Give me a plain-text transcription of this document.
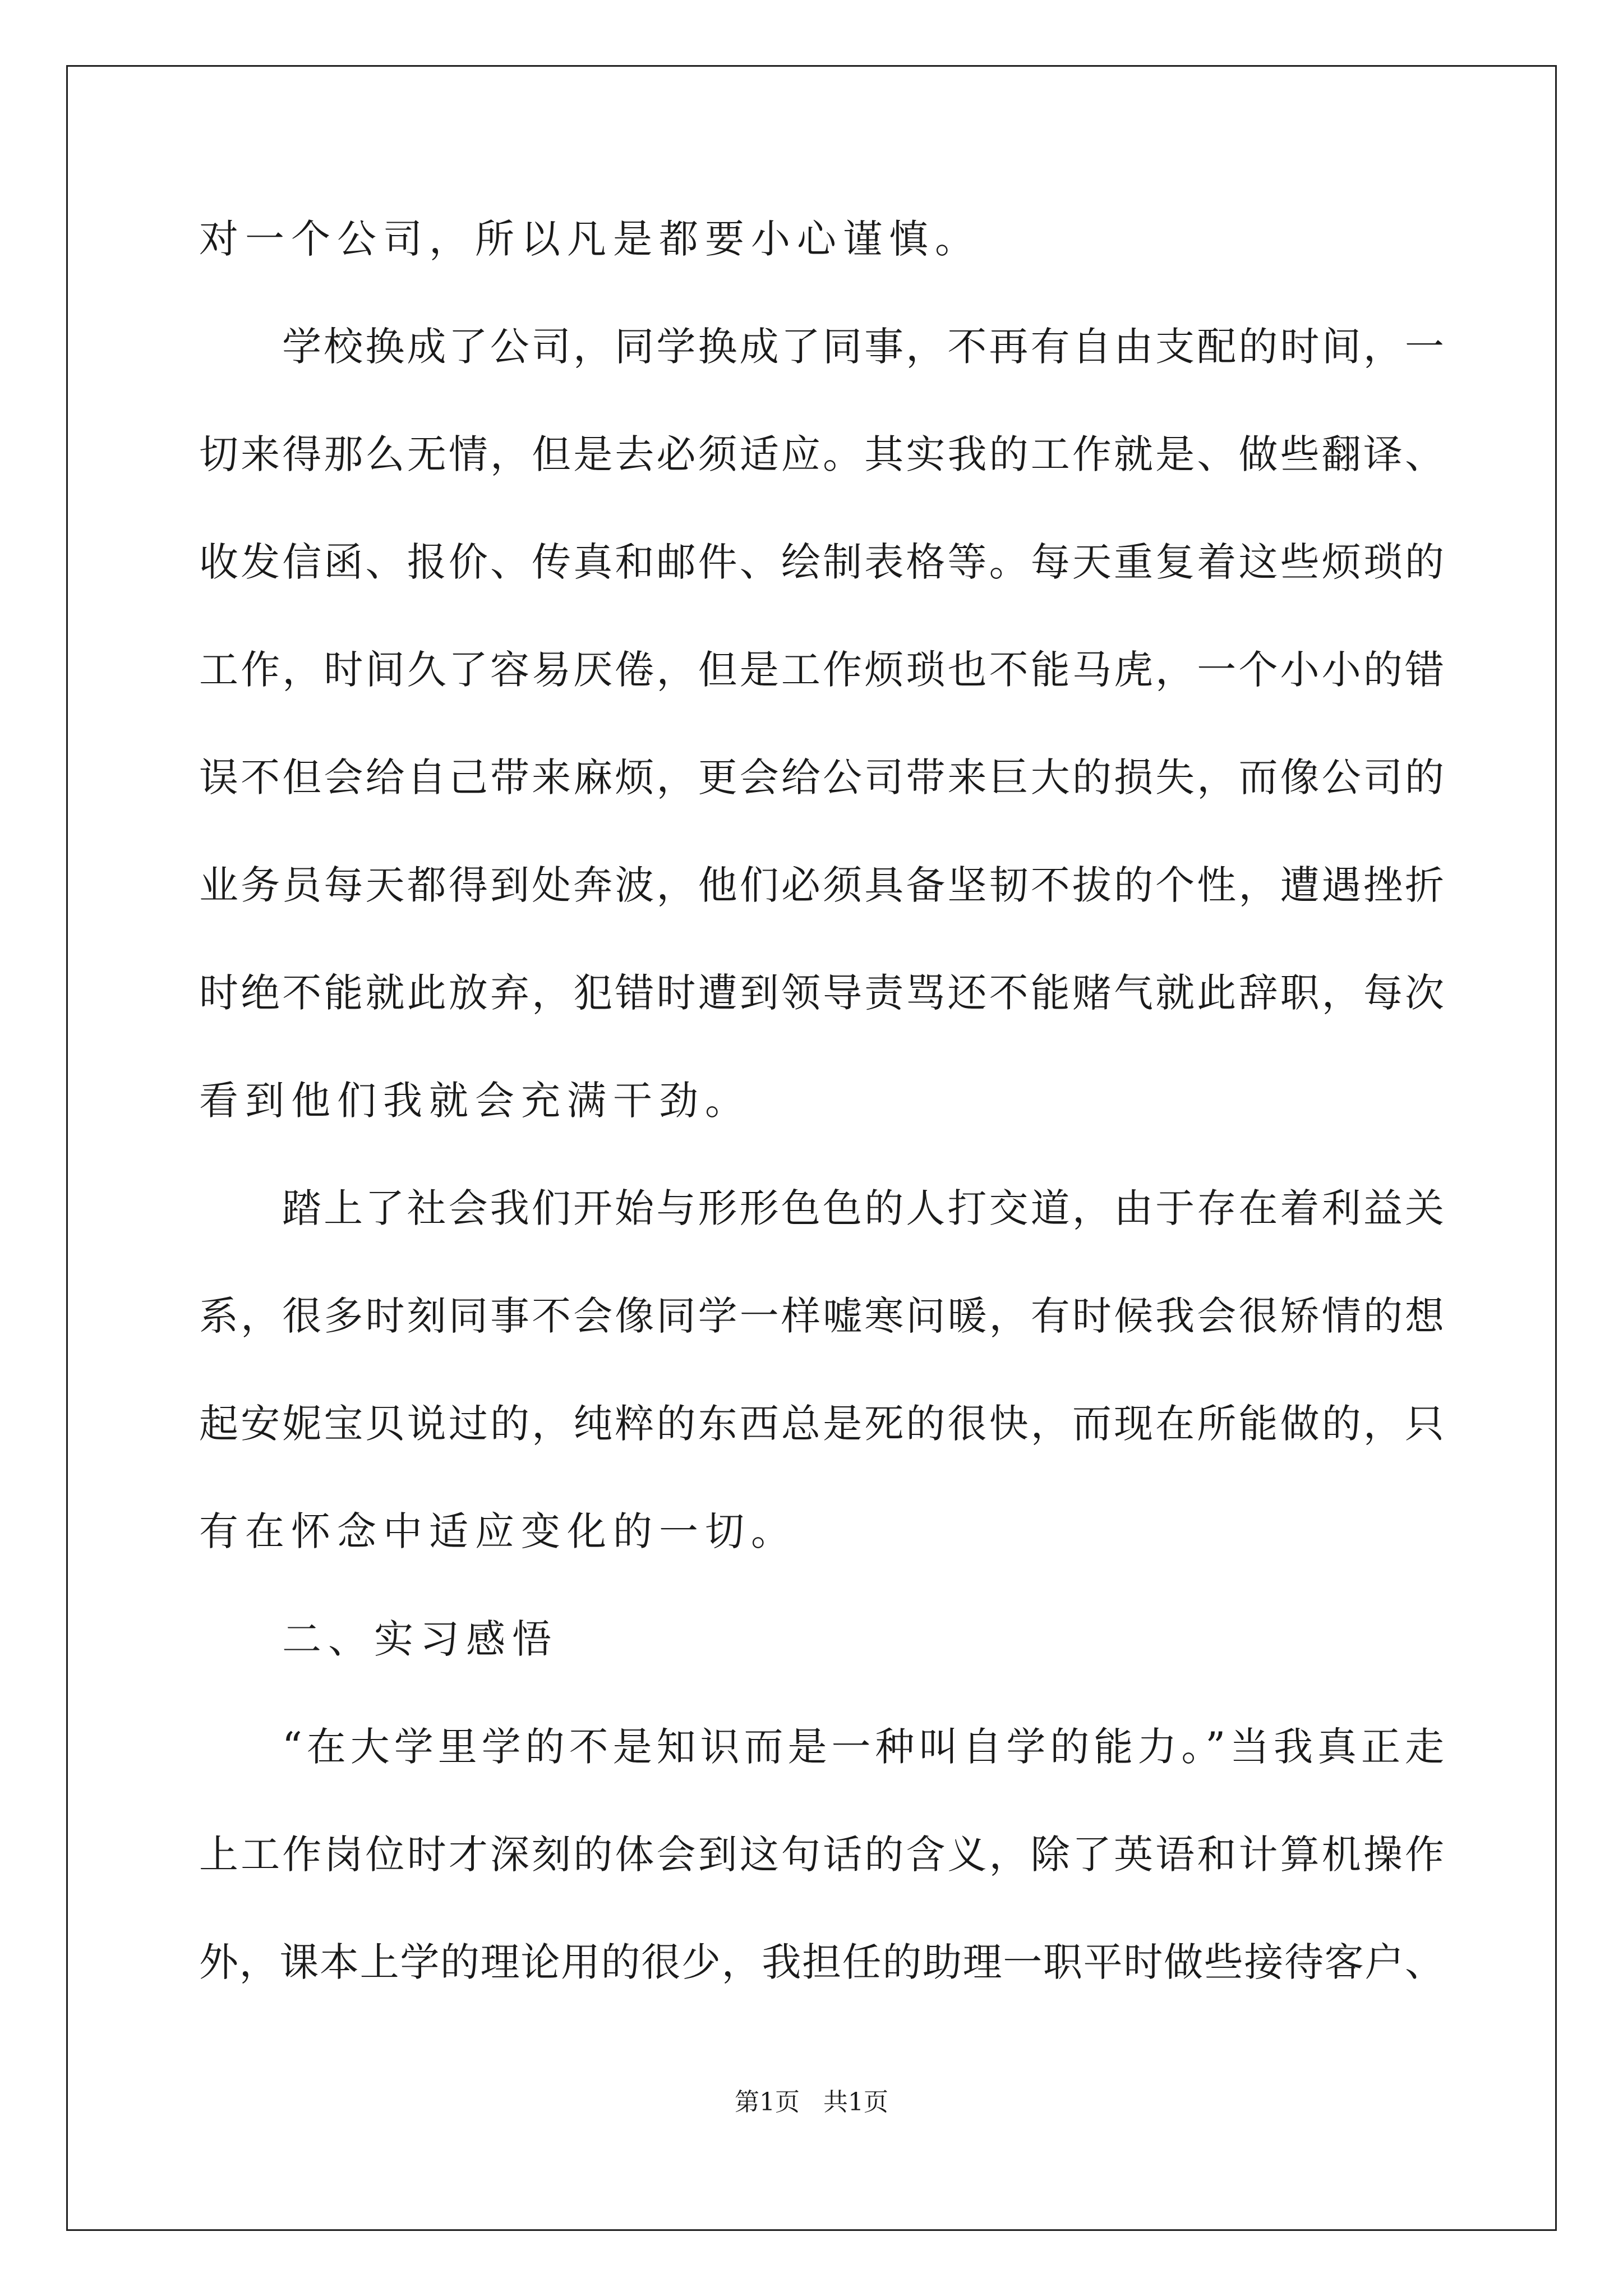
对一个公司，所以凡是都要小心谨慎。
学校换成了公司，同学换成了同事，不再有自由支配的时间，一
切来得那么无情，但是去必须适应。其实我的工作就是、做些翻译、
收发信函、报价、传真和邮件、绘制表格等。每天重复着这些烦琐的
工作，时间久了容易厌倦，但是工作烦琐也不能马虎，一个小小的错
误不但会给自己带来麻烦，更会给公司带来巨大的损失，而像公司的
业务员每天都得到处奔波，他们必须具备坚韧不拔的个性，遭遇挫折
时绝不能就此放弃，犯错时遭到领导责骂还不能赌气就此辞职，每次
看到他们我就会充满干劲。
踏上了社会我们开始与形形色色的人打交道，由于存在着利益关
系，很多时刻同事不会像同学一样嘘寒问暖，有时候我会很矫情的想
起安妮宝贝说过的，纯粹的东西总是死的很快，而现在所能做的，只
有在怀念中适应变化的一切。
二、实习感悟
“在大学里学的不是知识而是一种叫自学的能力。”当我真正走
上工作岗位时才深刻的体会到这句话的含义，除了英语和计算机操作
外，课本上学的理论用的很少，我担任的助理一职平时做些接待客户、
第1页 共1页
